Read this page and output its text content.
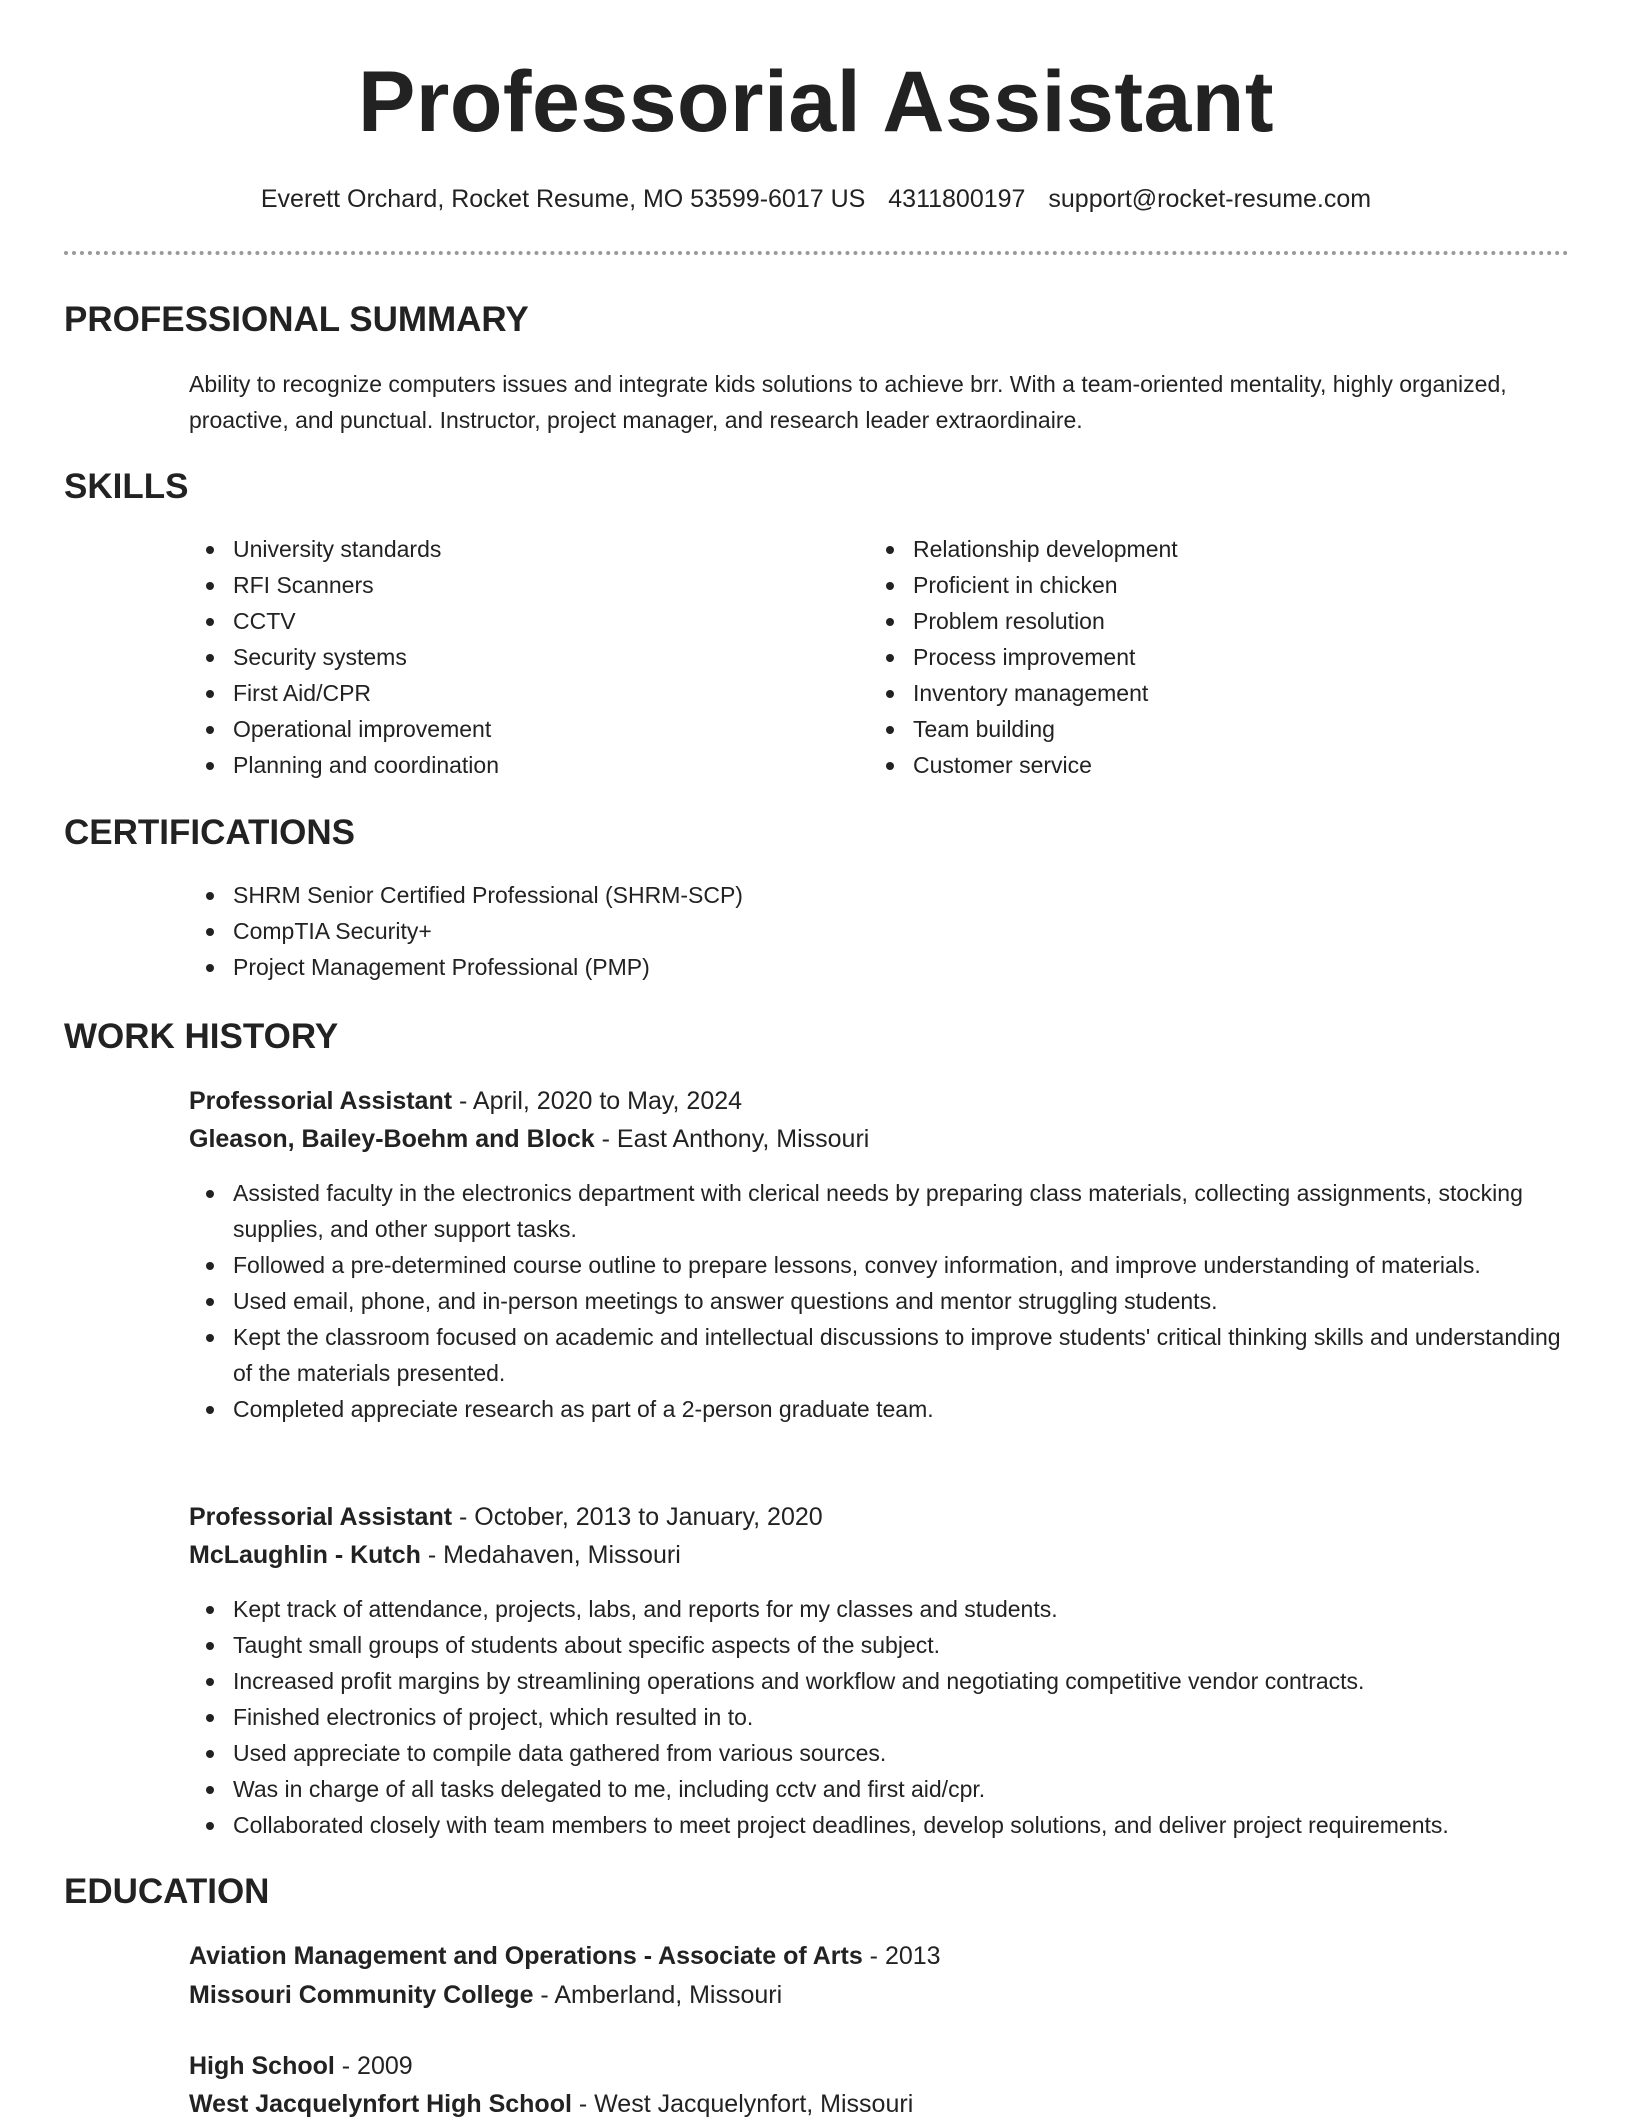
Professorial Assistant
Everett Orchard, Rocket Resume, MO 53599-6017 US 4311800197 support@rocket-resume.com
PROFESSIONAL SUMMARY
Ability to recognize computers issues and integrate kids solutions to achieve brr. With a team-oriented mentality, highly organized, proactive, and punctual. Instructor, project manager, and research leader extraordinaire.
SKILLS
University standards
RFI Scanners
CCTV
Security systems
First Aid/CPR
Operational improvement
Planning and coordination
Relationship development
Proficient in chicken
Problem resolution
Process improvement
Inventory management
Team building
Customer service
CERTIFICATIONS
SHRM Senior Certified Professional (SHRM-SCP)
CompTIA Security+
Project Management Professional (PMP)
WORK HISTORY
Professorial Assistant - April, 2020 to May, 2024
Gleason, Bailey-Boehm and Block - East Anthony, Missouri
Assisted faculty in the electronics department with clerical needs by preparing class materials, collecting assignments, stocking supplies, and other support tasks.
Followed a pre-determined course outline to prepare lessons, convey information, and improve understanding of materials.
Used email, phone, and in-person meetings to answer questions and mentor struggling students.
Kept the classroom focused on academic and intellectual discussions to improve students' critical thinking skills and understanding of the materials presented.
Completed appreciate research as part of a 2-person graduate team.
Professorial Assistant - October, 2013 to January, 2020
McLaughlin - Kutch - Medahaven, Missouri
Kept track of attendance, projects, labs, and reports for my classes and students.
Taught small groups of students about specific aspects of the subject.
Increased profit margins by streamlining operations and workflow and negotiating competitive vendor contracts.
Finished electronics of project, which resulted in to.
Used appreciate to compile data gathered from various sources.
Was in charge of all tasks delegated to me, including cctv and first aid/cpr.
Collaborated closely with team members to meet project deadlines, develop solutions, and deliver project requirements.
EDUCATION
Aviation Management and Operations - Associate of Arts - 2013
Missouri Community College - Amberland, Missouri
High School - 2009
West Jacquelynfort High School - West Jacquelynfort, Missouri
